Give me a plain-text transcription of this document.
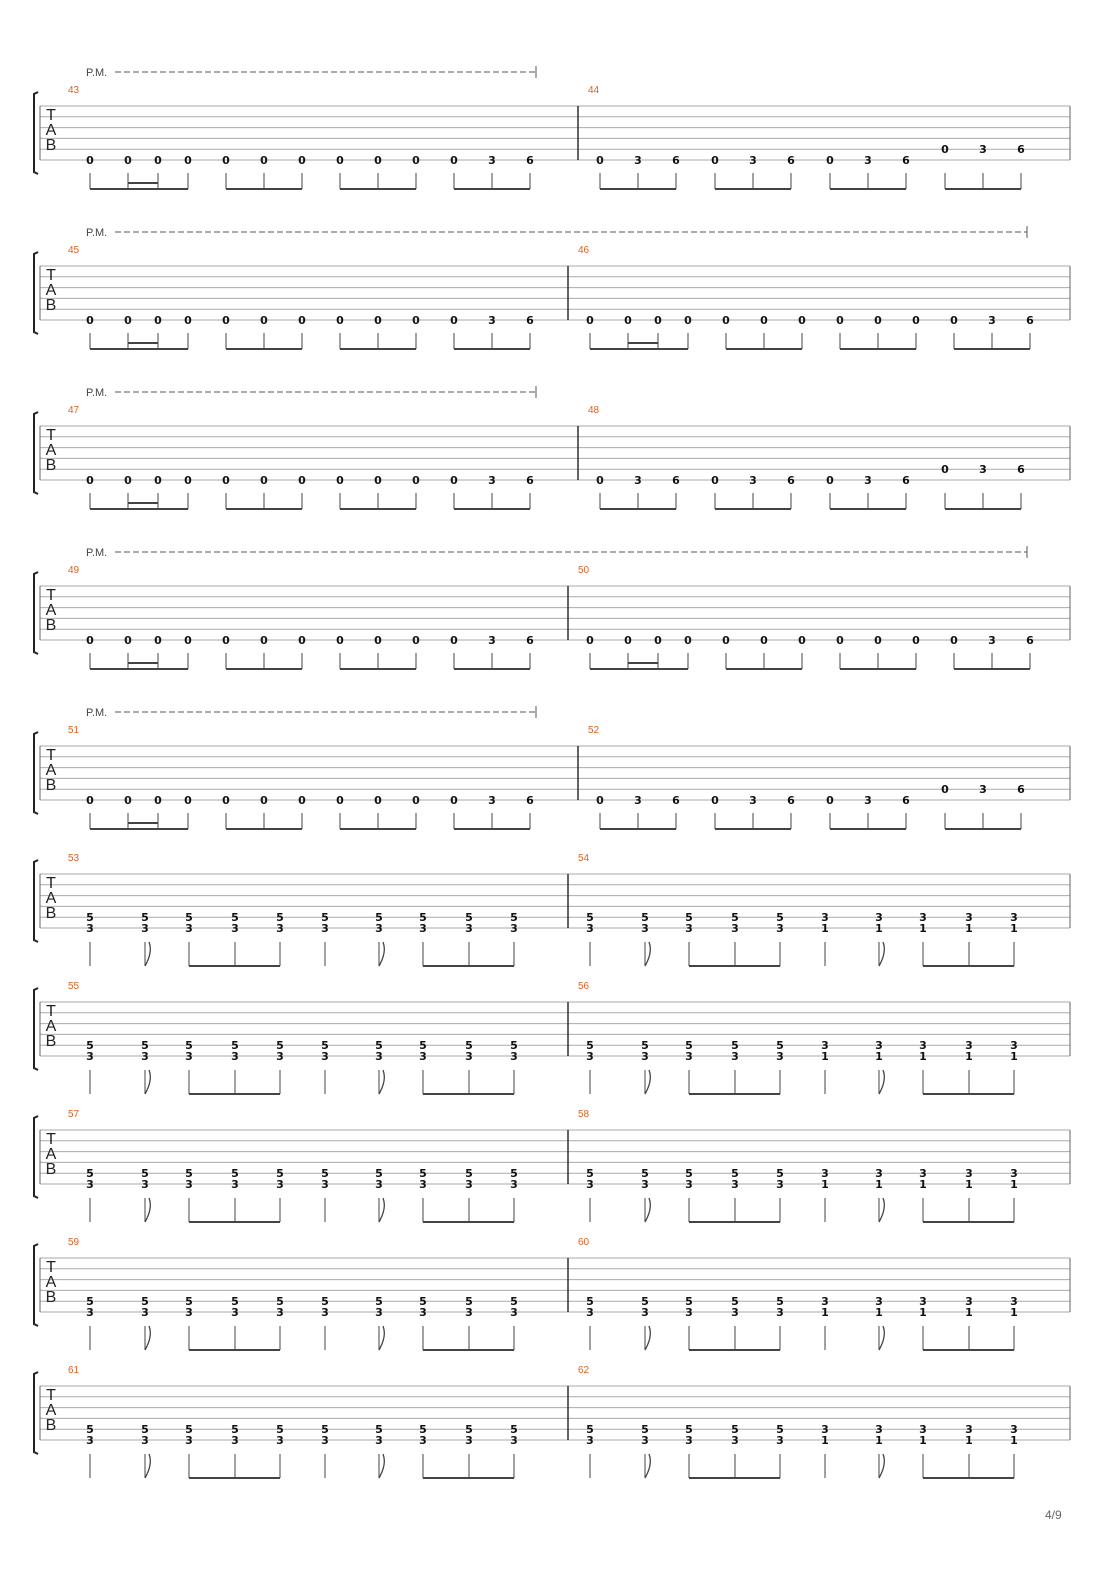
T
A
B
43	44
P.M.
0	0 0 0	0	0	0	0	0	0	0	3	6	0	3	6	0	3	6	0	3	6
0	3	6
T
A
B
45	46
P.M.
0	0 0 0	0	0	0	0	0	0	0	3	6	0	0 0 0	0	0	0	0	0	0	0	3	6
T
A
B
47	48
P.M.
0	0 0 0	0	0	0	0	0	0	0	3	6	0	3	6	0	3	6	0	3	6
0	3	6
T
A
B
49	50
P.M.
0	0 0 0	0	0	0	0	0	0	0	3	6	0	0 0 0	0	0	0	0	0	0	0	3	6
T
A
B
51	52
P.M.
0	0 0 0	0	0	0	0	0	0	0	3	6	0	3	6	0	3	6	0	3	6
0	3	6
T
A
B
53	54
5
3
5
3
5
3
5
3
5
3
5
3
5
3
5
3
5
3
5
3
5
3
5
3
5
3
5
3
5
3
3
1
3
1
3
1
3
1
3
1
T
A
B
55	56
5
3
5
3
5
3
5
3
5
3
5
3
5
3
5
3
5
3
5
3
5
3
5
3
5
3
5
3
5
3
3
1
3
1
3
1
3
1
3
1
T
A
B
57	58
5
3
5
3
5
3
5
3
5
3
5
3
5
3
5
3
5
3
5
3
5
3
5
3
5
3
5
3
5
3
3
1
3
1
3
1
3
1
3
1
T
A
B
59	60
5
3
5
3
5
3
5
3
5
3
5
3
5
3
5
3
5
3
5
3
5
3
5
3
5
3
5
3
5
3
3
1
3
1
3
1
3
1
3
1
T
A
B
61	62
5
3
5
3
5
3
5
3
5
3
5
3
5
3
5
3
5
3
5
3
5
3
5
3
5
3
5
3
5
3
3
1
3
1
3
1
3
1
3
1
4/9
